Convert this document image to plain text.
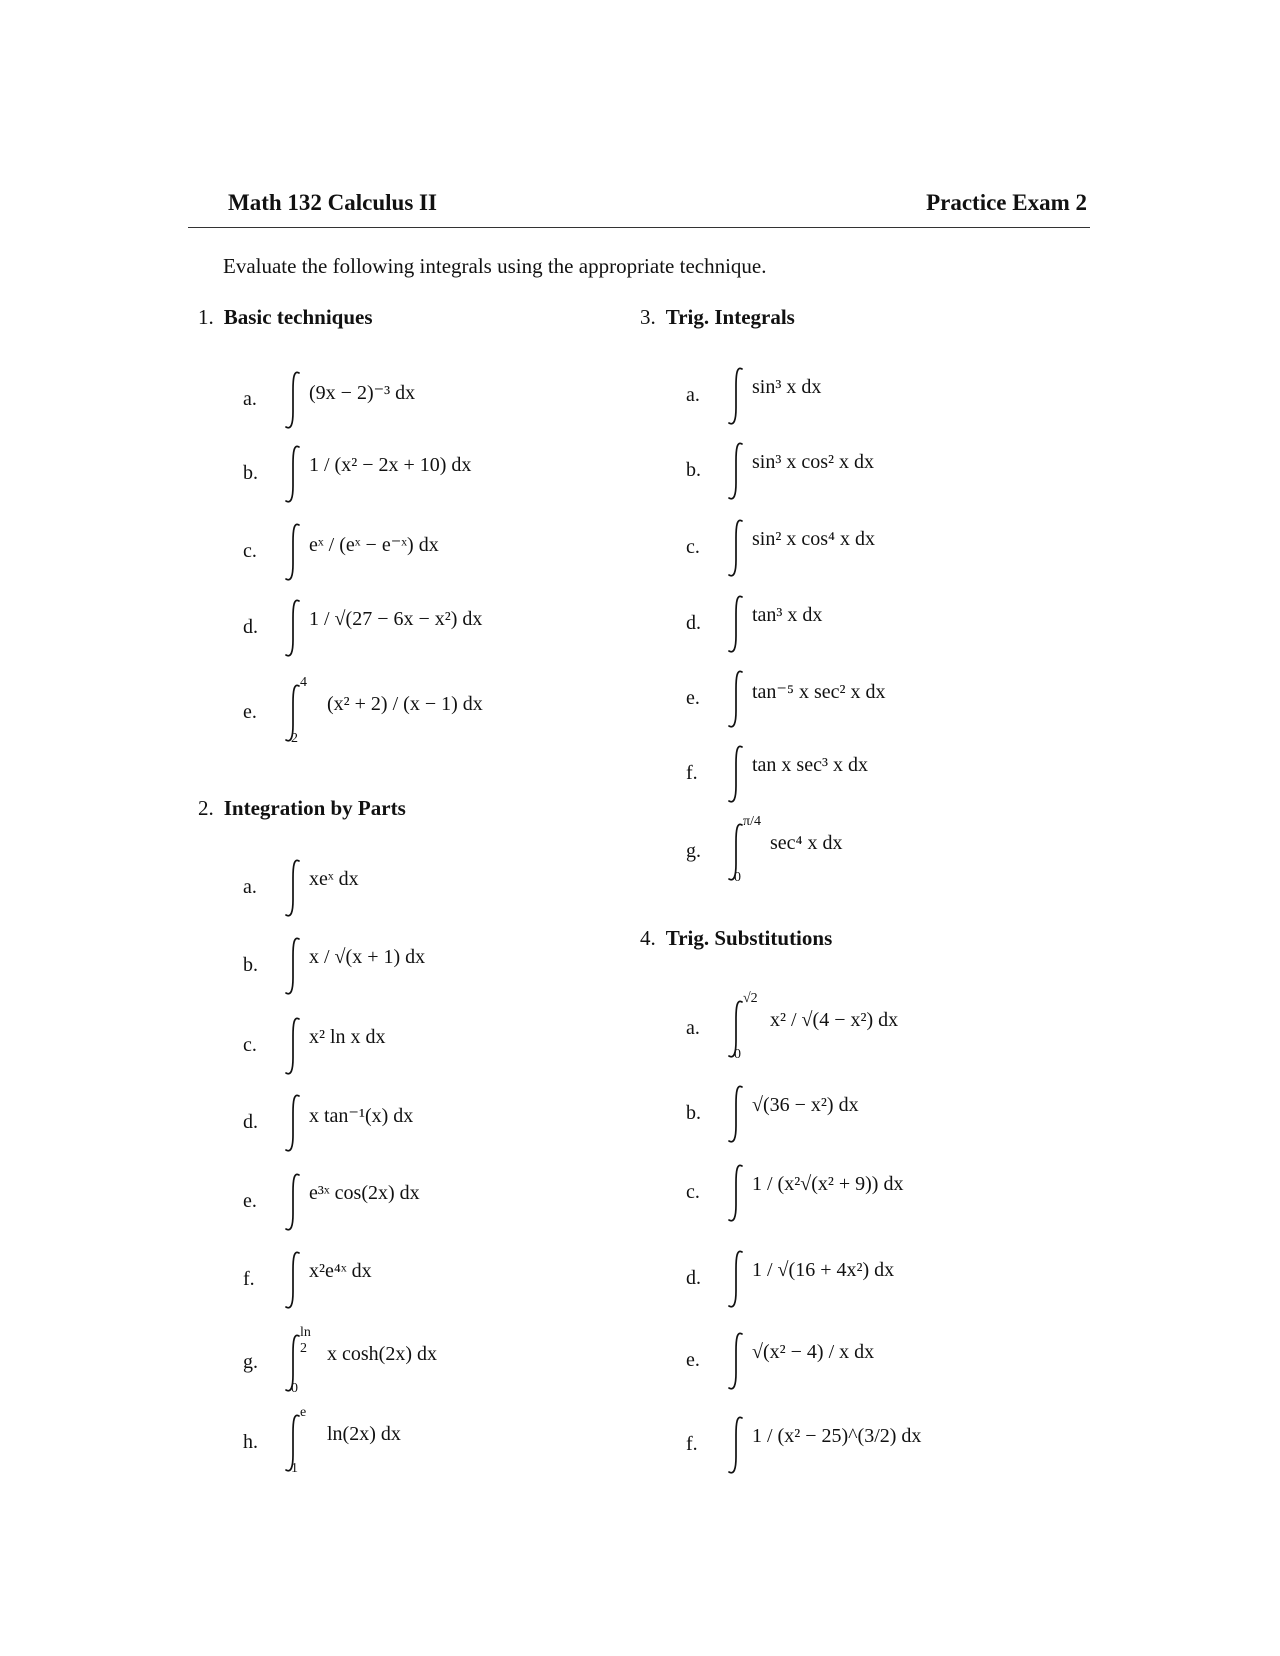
Math 132 Calculus II	Practice Exam 2
Evaluate the following integrals using the appropriate technique.
1. Basic techniques
a.	(9x − 2)⁻³ dx
b.	1 / (x² − 2x + 10) dx
c.	eˣ / (eˣ − e⁻ˣ) dx
d.	1 / √(27 − 6x − x²) dx
e.
4
2
(x² + 2) / (x − 1) dx
2. Integration by Parts
a.	xeˣ dx
b.	x / √(x + 1) dx
c.	x² ln x dx
d.	x tan⁻¹(x) dx
e.	e³ˣ cos(2x) dx
f.	x²e⁴ˣ dx
g.
ln 2
0
x cosh(2x) dx
h.
e
1
ln(2x) dx
3. Trig. Integrals
a.	sin³ x dx
b.	sin³ x cos² x dx
c.	sin² x cos⁴ x dx
d.	tan³ x dx
e.	tan⁻⁵ x sec² x dx
f.	tan x sec³ x dx
g.
π/4
0
sec⁴ x dx
4. Trig. Substitutions
a.
√2
0
x² / √(4 − x²) dx
b.	√(36 − x²) dx
c.	1 / (x²√(x² + 9)) dx
d.	1 / √(16 + 4x²) dx
e.	√(x² − 4) / x dx
f.	1 / (x² − 25)^(3/2) dx
